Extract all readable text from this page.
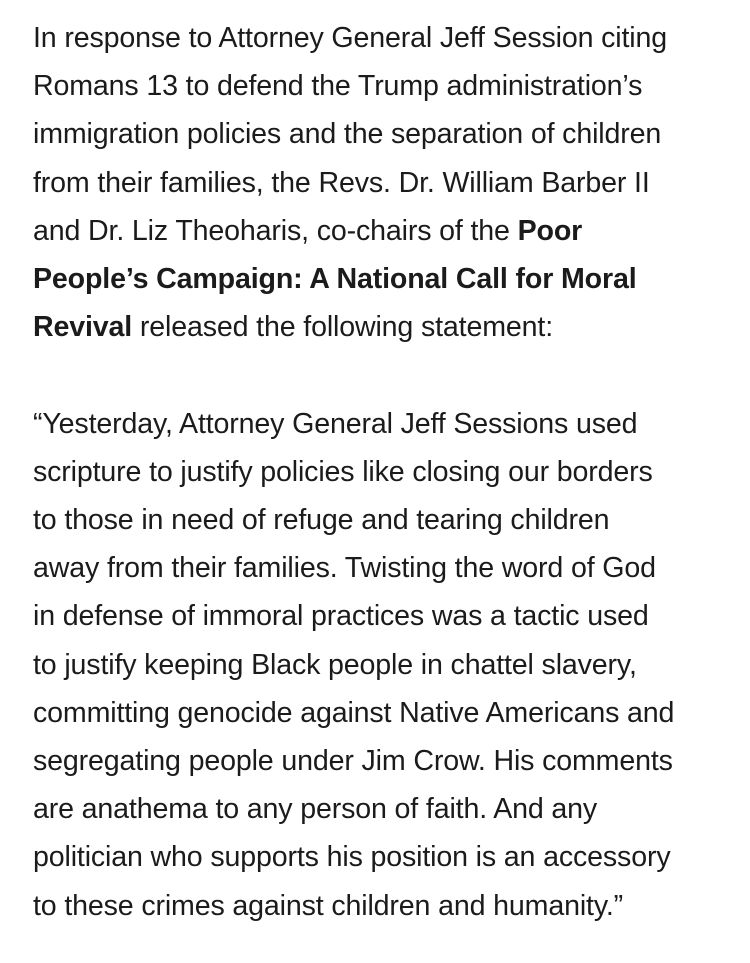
In response to Attorney General Jeff Session citing
Romans 13 to defend the Trump administration’s
immigration policies and the separation of children
from their families, the Revs. Dr. William Barber II
and Dr. Liz Theoharis, co-chairs of the Poor
People’s Campaign: A National Call for Moral
Revival released the following statement:
“Yesterday, Attorney General Jeff Sessions used
scripture to justify policies like closing our borders
to those in need of refuge and tearing children
away from their families. Twisting the word of God
in defense of immoral practices was a tactic used
to justify keeping Black people in chattel slavery,
committing genocide against Native Americans and
segregating people under Jim Crow. His comments
are anathema to any person of faith. And any
politician who supports his position is an accessory
to these crimes against children and humanity.”
